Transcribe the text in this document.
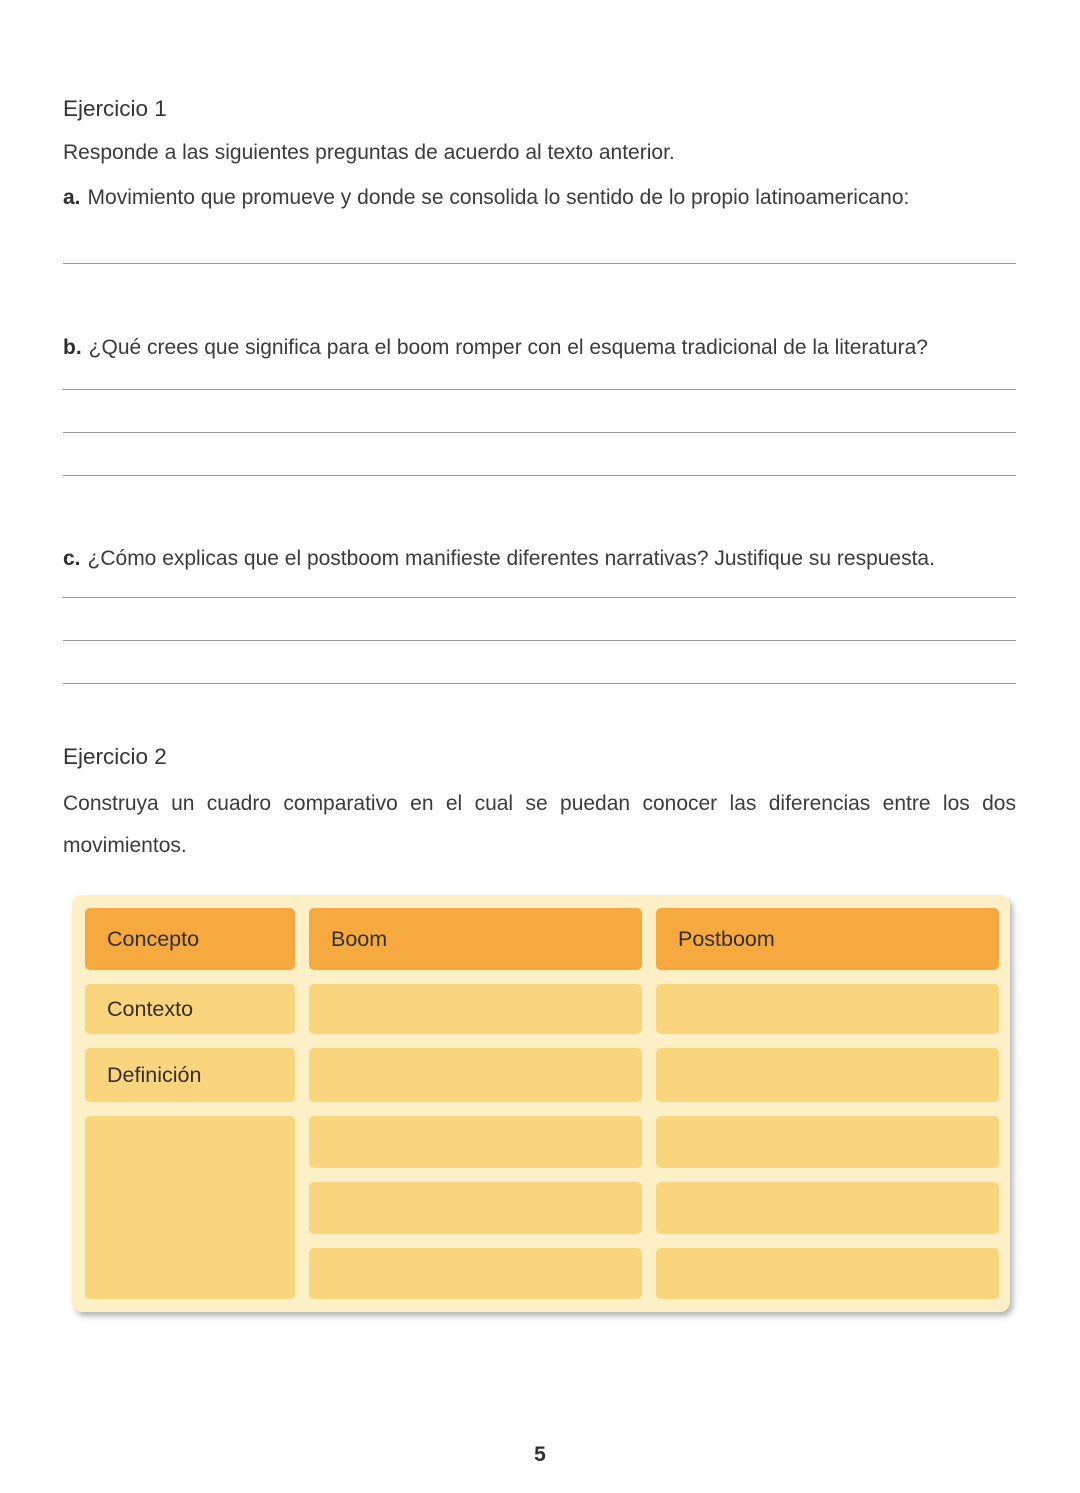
Ejercicio 1

Responde a las siguientes preguntas de acuerdo al texto anterior.

a. Movimiento que promueve y donde se consolida lo sentido de lo propio latinoamericano:

b. ¿Qué crees que significa para el boom romper con el esquema tradicional de la literatura?

c. ¿Cómo explicas que el postboom manifieste diferentes narrativas? Justifique su respuesta.

Ejercicio 2

Construya un cuadro comparativo en el cual se puedan conocer las diferencias entre los dos movimientos.

Concepto	Boom	Postboom
Contexto
Definición
5
